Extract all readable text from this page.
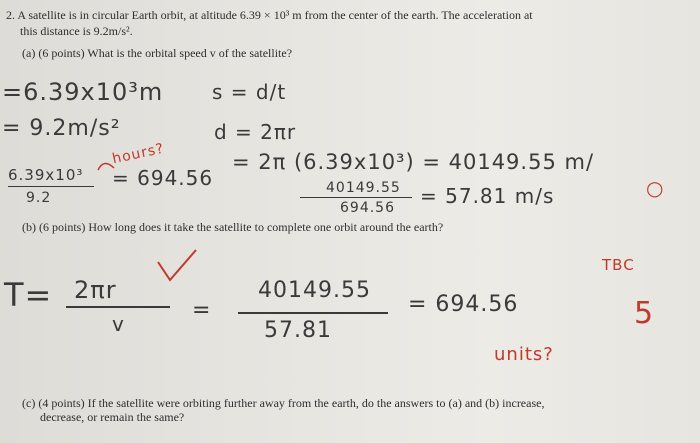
2. A satellite is in circular Earth orbit, at altitude 6.39 × 10³ m from the center of the earth. The acceleration at
this distance is 9.2m/s².
(a) (6 points) What is the orbital speed v of the satellite?
=6.39x10³m s = d/t
= 9.2m/s²	d = 2πr
6.39x10³
9.2
= 694.56
= 2π (6.39x10³) = 40149.55 m/
40149.55
694.56 = 57.81 m/s
(b) (6 points) How long does it take the satellite to complete one orbit around the earth?
T= 2πr
v
=
40149.55
57.81
= 694.56
hours?
TBC
5
units?
○
(c) (4 points) If the satellite were orbiting further away from the earth, do the answers to (a) and (b) increase,
decrease, or remain the same?
